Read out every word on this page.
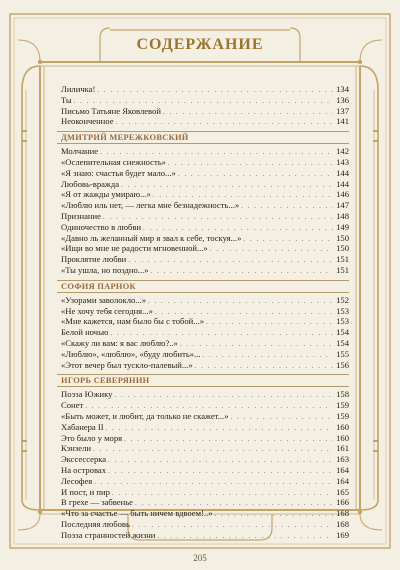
СОДЕРЖАНИЕ
Лиличка! . . .	134
Ты . . .	136
Письмо Татьяне Яковлевой . . .	137
Неоконченное . . .	141
ДМИТРИЙ МЕРЕЖКОВСКИЙ
Молчание . . .	142
«Ослепительная снежность» . . .	143
«Я знаю: счастья будет мало...» . . .	144
Любовь-вражда . . .	144
«Я от жажды умираю...» . . .	146
«Люблю иль нет, — легка мне безнадежность...» . . .	147
Признание . . .	148
Одиночество в любви . . .	149
«Давно ль желанный мир я звал к себе, тоскуя...» . . .	150
«Ищи во мне не радости мгновенной...» . . .	150
Проклятие любви . . .	151
«Ты ушла, но поздно...» . . .	151
СОФИЯ ПАРНОК
«Узорами заволокло...» . . .	152
«Не хочу тебя сегодня...» . . .	153
«Мне кажется, нам было бы с тобой...» . . .	153
Белой ночью . . .	154
«Скажу ли вам: я вас люблю?..» . . .	154
«Люблю», «люблю», «буду любить»... . . .	155
«Этот вечер был тускло-палевый...» . . .	156
ИГОРЬ СЕВЕРЯНИН
Поэза Южику . . .	158
Сонет . . .	159
«Быть может, и любит, да только не скажет...» . . .	159
Хабанера II . . .	160
Это было у моря . . .	160
Кэнзели . . .	161
Экссессерка . . .	163
На островах . . .	164
Лесофея . . .	164
И пост, и пир . . .	165
В грехе — забвенье . . .	166
«Что за счастье — быть ничем вдвоем!..» . . .	168
Последняя любовь . . .	168
Поэза странностей жизни . . .	169
205
